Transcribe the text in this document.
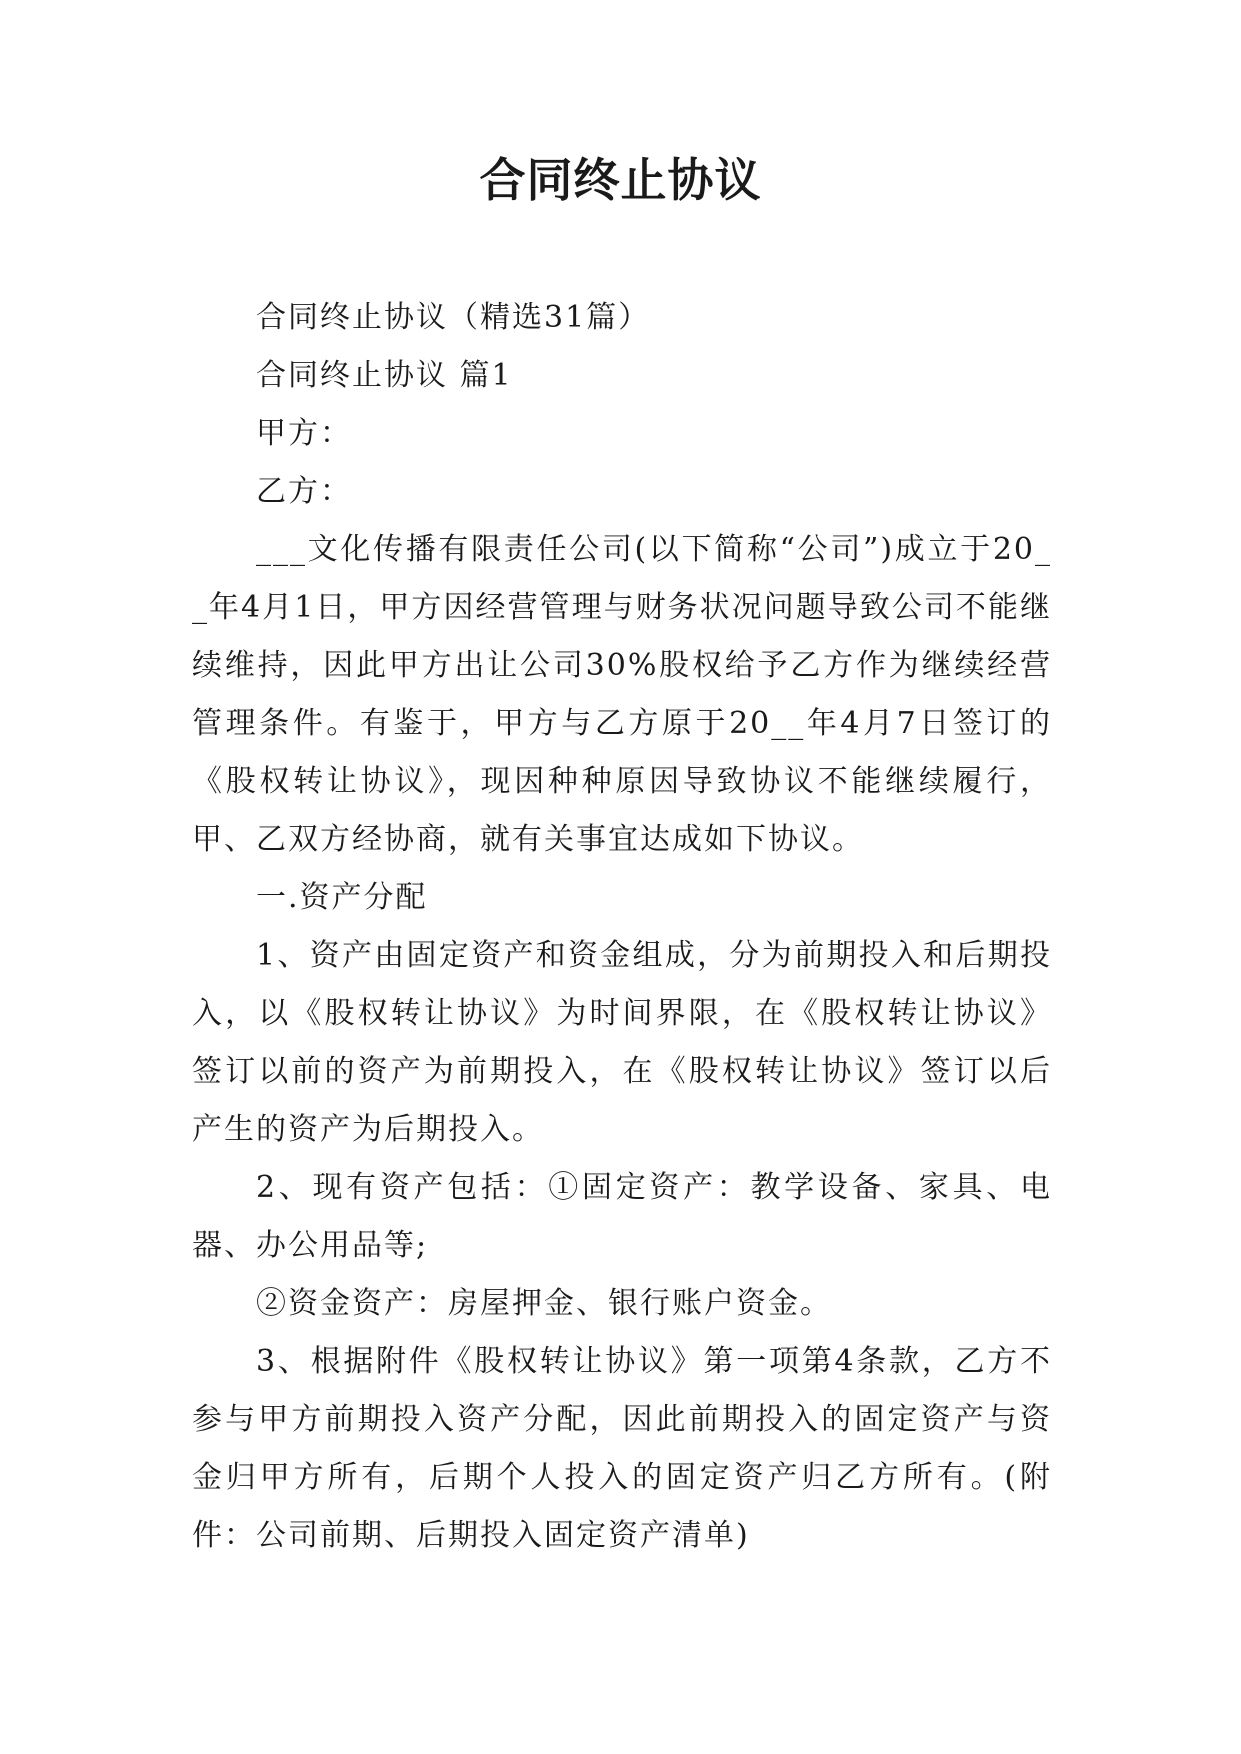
合同终止协议

合同终止协议（精选31篇）

合同终止协议 篇1

甲方：

乙方：

___文化传播有限责任公司(以下简称“公司”)成立于20__年4月1日，甲方因经营管理与财务状况问题导致公司不能继续维持，因此甲方出让公司30%股权给予乙方作为继续经营管理条件。有鉴于，甲方与乙方原于20__年4月7日签订的《股权转让协议》，现因种种原因导致协议不能继续履行，甲、乙双方经协商，就有关事宜达成如下协议。

一.资产分配

1、资产由固定资产和资金组成，分为前期投入和后期投入，以《股权转让协议》为时间界限，在《股权转让协议》签订以前的资产为前期投入，在《股权转让协议》签订以后产生的资产为后期投入。

2、现有资产包括：①固定资产：教学设备、家具、电器、办公用品等;

②资金资产：房屋押金、银行账户资金。

3、根据附件《股权转让协议》第一项第4条款，乙方不参与甲方前期投入资产分配，因此前期投入的固定资产与资金归甲方所有，后期个人投入的固定资产归乙方所有。(附件：公司前期、后期投入固定资产清单)
